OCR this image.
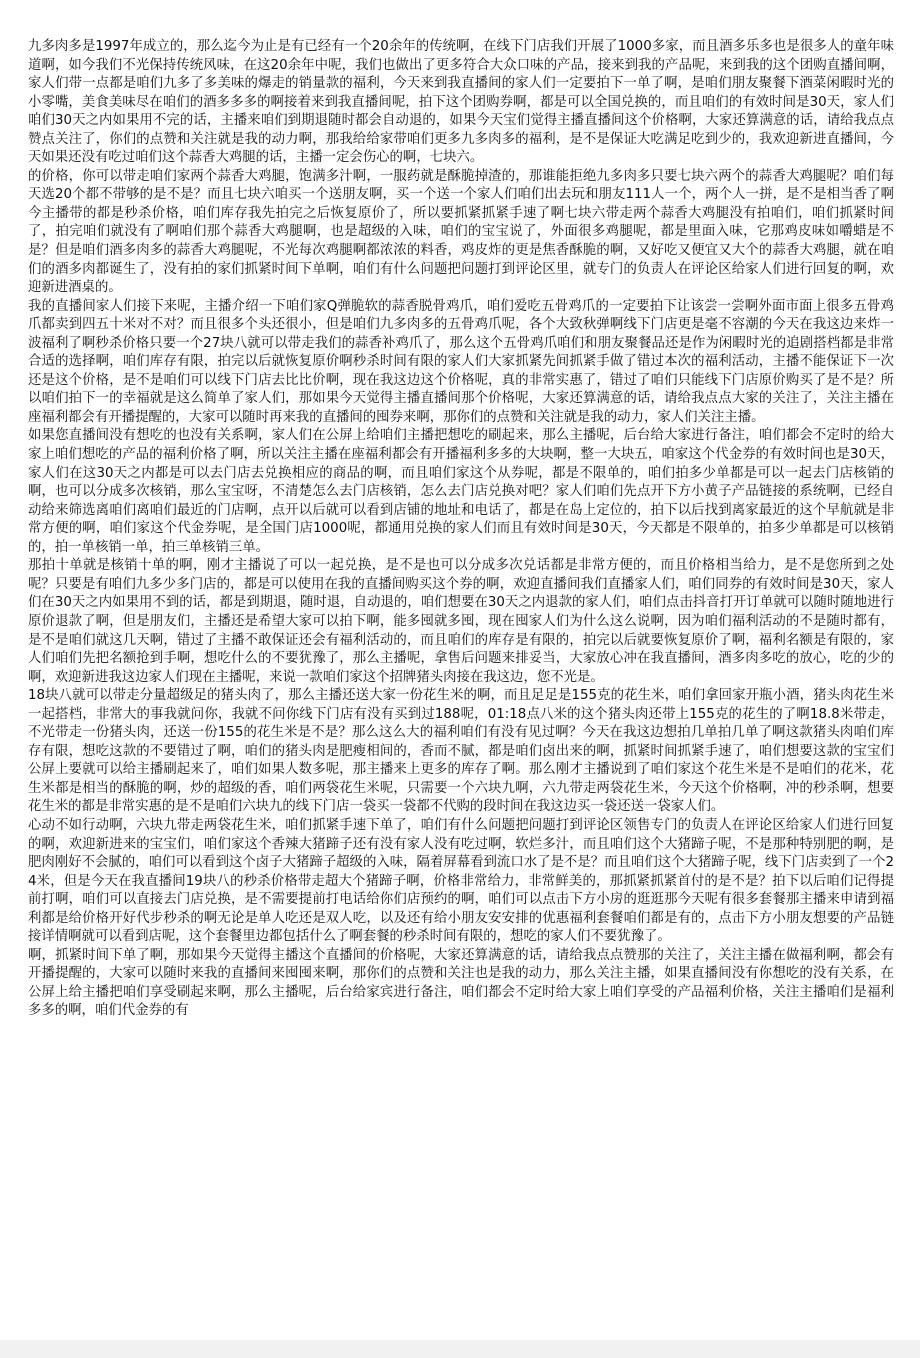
九多肉多是1997年成立的，那么迄今为止是有已经有一个20余年的传统啊，在线下门店我们开展了1000多家，而且酒多乐多也是很多人的童年味道啊，如今我们不光保持传统风味，在这20余年中呢，我们也做出了更多符合大众口味的产品，接来到我的产品呢，来到我的这个团购直播间啊，家人们带一点都是咱们九多了多美味的爆走的销量款的福利，今天来到我直播间的家人们一定要拍下一单了啊，是咱们朋友聚餐下酒菜闲暇时光的小零嘴，美食美味尽在咱们的酒多多多的啊接着来到我直播间呢，拍下这个团购券啊，都是可以全国兑换的，而且咱们的有效时间是30天，家人们咱们30天之内如果用不完的话，主播来咱们到期退随时都会自动退的，如果今天宝们觉得主播直播间这个价格啊，大家还算满意的话，请给我点点赞点关注了，你们的点赞和关注就是我的动力啊，那我给给家带咱们更多九多肉多的福利，是不是保证大吃满足吃到少的，我欢迎新进直播间，今天如果还没有吃过咱们这个蒜香大鸡腿的话，主播一定会伤心的啊，七块六。

的价格，你可以带走咱们家两个蒜香大鸡腿，饱满多汁啊，一服药就是酥脆掉渣的，那谁能拒绝九多肉多只要七块六两个的蒜香大鸡腿呢？咱们每天选20个都不带够的是不是？而且七块六咱买一个送朋友啊，买一个送一个家人们咱们出去玩和朋友111人一个，两个人一拼，是不是相当香了啊今主播带的都是秒杀价格，咱们库存我先拍完之后恢复原价了，所以要抓紧抓紧手速了啊七块六带走两个蒜香大鸡腿没有拍咱们，咱们抓紧时间了，拍完咱们就没有了啊咱们那个蒜香大鸡腿啊，也是超级的入味，咱们的宝宝说了，外面很多鸡腿呢，都是里面入味，它那鸡皮味如嚼蜡是不是？但是咱们酒多肉多的蒜香大鸡腿呢，不光每次鸡腿啊都浓浓的料香，鸡皮炸的更是焦香酥脆的啊，又好吃又便宜又大个的蒜香大鸡腿，就在咱们的酒多肉都诞生了，没有拍的家们抓紧时间下单啊，咱们有什么问题把问题打到评论区里，就专门的负责人在评论区给家人们进行回复的啊，欢迎新进酒桌的。

我的直播间家人们接下来呢，主播介绍一下咱们家Q弹脆软的蒜香脱骨鸡爪，咱们爱吃五骨鸡爪的一定要拍下让该尝一尝啊外面市面上很多五骨鸡爪都卖到四五十米对不对？而且很多个头还很小，但是咱们九多肉多的五骨鸡爪呢，各个大致秋弹啊线下门店更是毫不容潮的今天在我这边来炸一波福利了啊秒杀价格只要一个27块八就可以带走我们的蒜香补鸡爪了，那么这个五骨鸡爪咱们和朋友聚餐品还是作为闲暇时光的追剧搭档都是非常合适的选择啊，咱们库存有限，拍完以后就恢复原价啊秒杀时间有限的家人们大家抓紧先间抓紧手做了错过本次的福利活动，主播不能保证下一次还是这个价格，是不是咱们可以线下门店去比比价啊，现在我这边这个价格呢，真的非常实惠了，错过了咱们只能线下门店原价购买了是不是？所以咱们拍下一的幸福就是这么简单了家人们，那如果今天觉得主播直播间那个价格呢，大家还算满意的话，请给我点点大家的关注了，关注主播在座福利都会有开播提醒的，大家可以随时再来我的直播间的囤券来啊，那你们的点赞和关注就是我的动力，家人们关注主播。

如果您直播间没有想吃的也没有关系啊，家人们在公屏上给咱们主播把想吃的刷起来，那么主播呢，后台给大家进行备注，咱们都会不定时的给大家上咱们想吃的产品的福利价格了啊，所以关注主播在座福利都会有开播福利多多的大块啊，整一大块五，咱家这个代金券的有效时间也是30天，家人们在这30天之内都是可以去门店去兑换相应的商品的啊，而且咱们家这个从券呢，都是不限单的，咱们拍多少单都是可以一起去门店核销的啊，也可以分成多次核销，那么宝宝呀，不清楚怎么去门店核销，怎么去门店兑换对吧？家人们咱们先点开下方小黄子产品链接的系统啊，已经自动给来筛选离咱们离咱们最近的门店啊，点开以后就可以看到店铺的地址和电话了，都是在岛上定位的，拍下以后找到离家最近的这个早航就是非常方便的啊，咱们家这个代金券呢，是全国门店1000呢，都通用兑换的家人们而且有效时间是30天，今天都是不限单的，拍多少单都是可以核销的，拍一单核销一单，拍三单核销三单。

那拍十单就是核销十单的啊，刚才主播说了可以一起兑换，是不是也可以分成多次兑话都是非常方便的，而且价格相当给力，是不是您所到之处呢？只要是有咱们九多少多门店的，都是可以使用在我的直播间购买这个券的啊，欢迎直播间我们直播家人们，咱们同券的有效时间是30天，家人们在30天之内如果用不到的话，都是到期退，随时退，自动退的，咱们想要在30天之内退款的家人们，咱们点击抖音打开订单就可以随时随地进行原价退款了啊，但是朋友们，主播还是希望大家可以拍下啊，能多囤就多囤，现在囤家人们为什么这么说啊，因为咱们福利活动的不是随时都有，是不是咱们就这几天啊，错过了主播不敢保证还会有福利活动的，而且咱们的库存是有限的，拍完以后就要恢复原价了啊，福利名额是有限的，家人们咱们先把名额抢到手啊，想吃什么的不要犹豫了，那么主播呢，拿售后问题来排妥当，大家放心冲在我直播间，酒多肉多吃的放心，吃的少的啊，欢迎新进我这边家人们现在主播呢，来说一款咱们家这个招牌猪头肉接在我这边，您不光是。

18块八就可以带走分量超级足的猪头肉了，那么主播还送大家一份花生米的啊，而且足足是155克的花生米，咱们拿回家开瓶小酒，猪头肉花生米一起搭档，非常大的事我就问你，我就不问你线下门店有没有买到过188呢，01:18点八米的这个猪头肉还带上155克的花生的了啊18.8米带走，不光带走一份猪头肉，还送一份155的花生米是不是？那么这么大的福利咱们有没有见过啊？今天在我这边想拍几单拍几单了啊这款猪头肉咱们库存有限，想吃这款的不要错过了啊，咱们的猪头肉是肥瘦相间的，香而不腻，都是咱们卤出来的啊，抓紧时间抓紧手速了，咱们想要这款的宝宝们公屏上要就可以给主播刷起来了，咱们如果人数多呢，那主播来上更多的库存了啊。那么刚才主播说到了咱们家这个花生米是不是咱们的花米，花生米都是相当的酥脆的啊，炒的超级的香，咱们两袋花生米呢，只需要一个六块九啊，六九带走两袋花生米，今天这个价格啊，冲的秒杀啊，想要花生米的都是非常实惠的是不是咱们六块九的线下门店一袋买一袋都不代购的段时间在我这边买一袋还送一袋家人们。

心动不如行动啊，六块九带走两袋花生米，咱们抓紧手速下单了，咱们有什么问题把问题打到评论区领售专门的负责人在评论区给家人们进行回复的啊，欢迎新进来的宝宝们，咱们家这个香辣大猪蹄子还有没有家人没有吃过啊，软烂多汁，而且咱们这个大猪蹄子呢，不是那种特别肥的啊，是肥肉刚好不会腻的，咱们可以看到这个卤子大猪蹄子超级的入味，隔着屏幕看到流口水了是不是？而且咱们这个大猪蹄子呢，线下门店卖到了一个24米，但是今天在我直播间19块八的秒杀价格带走超大个猪蹄子啊，价格非常给力，非常鲜美的，那抓紧抓紧首付的是不是？拍下以后咱们记得提前打啊，咱们可以直接去门店兑换，是不需要提前打电话给你们店预约的啊，咱们可以点击下方小房的逛逛那今天呢有很多套餐那主播来申请到福利都是给价格开好代步秒杀的啊无论是单人吃还是双人吃，以及还有给小朋友安安排的优惠福利套餐咱们都是有的，点击下方小朋友想要的产品链接详情啊就可以看到店呢，这个套餐里边都包括什么了啊套餐的秒杀时间有限的，想吃的家人们不要犹豫了。

啊，抓紧时间下单了啊，那如果今天觉得主播这个直播间的价格呢，大家还算满意的话，请给我点点赞那的关注了，关注主播在做福利啊，都会有开播提醒的，大家可以随时来我的直播间来囤囤来啊，那你们的点赞和关注也是我的动力，那么关注主播，如果直播间没有你想吃的没有关系，在公屏上给主播把咱们享受刷起来啊，那么主播呢，后台给家宾进行备注，咱们都会不定时给大家上咱们享受的产品福利价格，关注主播咱们是福利多多的啊，咱们代金券的有
